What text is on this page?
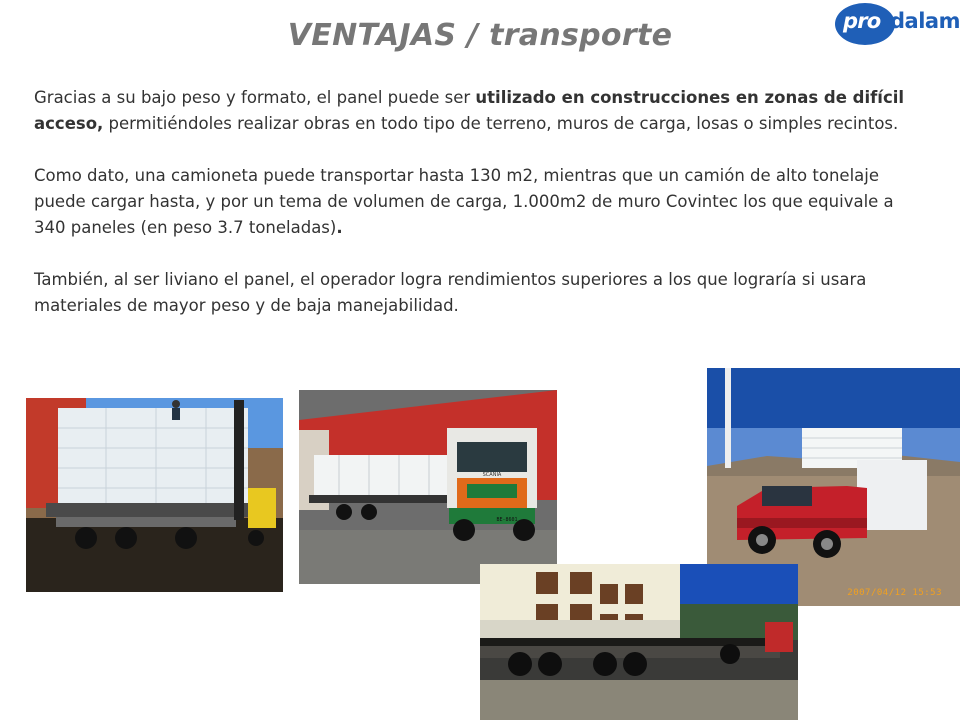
VENTAJAS / transporte	pro dalam

Gracias a su bajo peso y formato, el panel puede ser utilizado en construcciones en zonas de difícil acceso, permitiéndoles realizar obras en todo tipo de terreno, muros de carga, losas o simples recintos.

Como dato, una camioneta puede transportar hasta 130 m2, mientras que un camión de alto tonelaje puede cargar hasta, y por un tema de volumen de carga, 1.000m2 de muro Covintec los que equivale a 340 paneles (en peso 3.7 toneladas).

También, al ser liviano el panel, el operador logra rendimientos superiores a los que lograría si usara materiales de mayor peso y de baja manejabilidad.

SCANIA
BE-8601
2007/04/12 15:53
